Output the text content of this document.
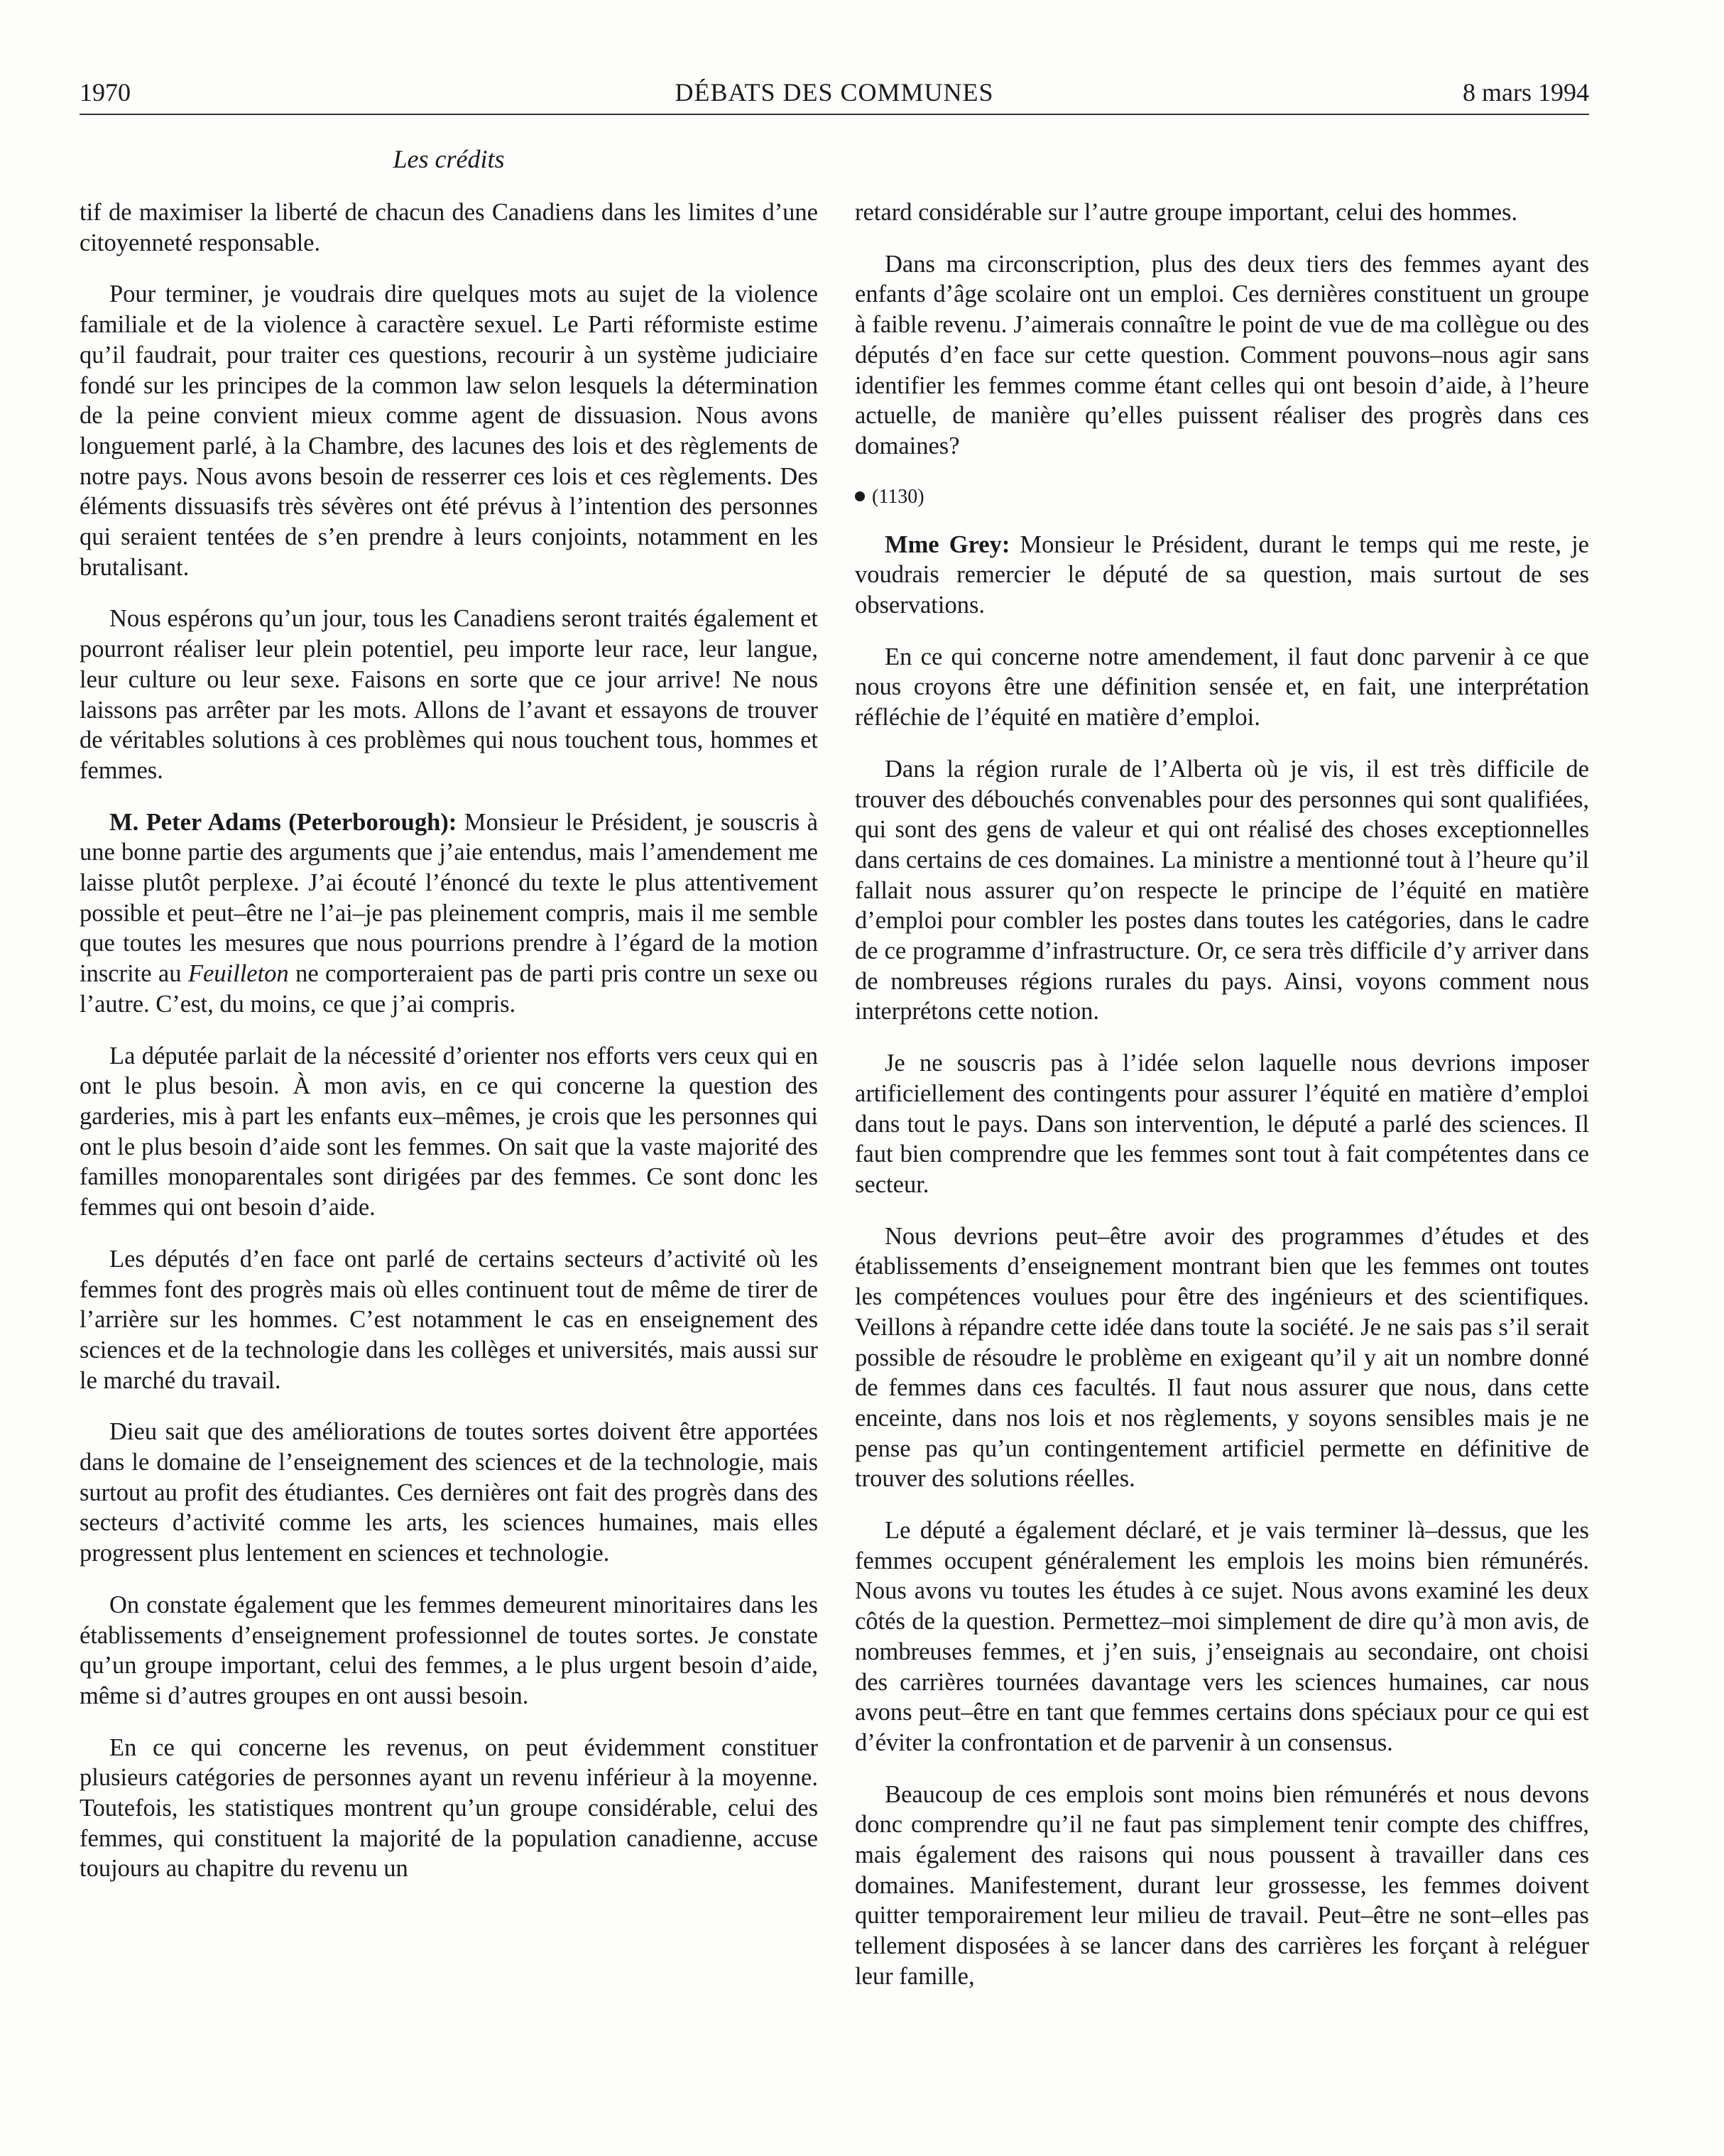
1970	DÉBATS DES COMMUNES	8 mars 1994
Les crédits

tif de maximiser la liberté de chacun des Canadiens dans les limites d’une citoyenneté responsable.

Pour terminer, je voudrais dire quelques mots au sujet de la violence familiale et de la violence à caractère sexuel. Le Parti réformiste estime qu’il faudrait, pour traiter ces questions, recourir à un système judiciaire fondé sur les principes de la common law selon lesquels la détermination de la peine convient mieux comme agent de dissuasion. Nous avons longuement parlé, à la Chambre, des lacunes des lois et des règlements de notre pays. Nous avons besoin de resserrer ces lois et ces règlements. Des éléments dissuasifs très sévères ont été prévus à l’intention des personnes qui seraient tentées de s’en prendre à leurs conjoints, notamment en les brutalisant.

Nous espérons qu’un jour, tous les Canadiens seront traités également et pourront réaliser leur plein potentiel, peu importe leur race, leur langue, leur culture ou leur sexe. Faisons en sorte que ce jour arrive! Ne nous laissons pas arrêter par les mots. Allons de l’avant et essayons de trouver de véritables solutions à ces problèmes qui nous touchent tous, hommes et femmes.

M. Peter Adams (Peterborough): Monsieur le Président, je souscris à une bonne partie des arguments que j’aie entendus, mais l’amendement me laisse plutôt perplexe. J’ai écouté l’énoncé du texte le plus attentivement possible et peut–être ne l’ai–je pas pleinement compris, mais il me semble que toutes les mesures que nous pourrions prendre à l’égard de la motion inscrite au Feuilleton ne comporteraient pas de parti pris contre un sexe ou l’autre. C’est, du moins, ce que j’ai compris.

La députée parlait de la nécessité d’orienter nos efforts vers ceux qui en ont le plus besoin. À mon avis, en ce qui concerne la question des garderies, mis à part les enfants eux–mêmes, je crois que les personnes qui ont le plus besoin d’aide sont les femmes. On sait que la vaste majorité des familles monoparentales sont dirigées par des femmes. Ce sont donc les femmes qui ont besoin d’aide.

Les députés d’en face ont parlé de certains secteurs d’activité où les femmes font des progrès mais où elles continuent tout de même de tirer de l’arrière sur les hommes. C’est notamment le cas en enseignement des sciences et de la technologie dans les collèges et universités, mais aussi sur le marché du travail.

Dieu sait que des améliorations de toutes sortes doivent être apportées dans le domaine de l’enseignement des sciences et de la technologie, mais surtout au profit des étudiantes. Ces dernières ont fait des progrès dans des secteurs d’activité comme les arts, les sciences humaines, mais elles progressent plus lentement en sciences et technologie.

On constate également que les femmes demeurent minoritaires dans les établissements d’enseignement professionnel de toutes sortes. Je constate qu’un groupe important, celui des femmes, a le plus urgent besoin d’aide, même si d’autres groupes en ont aussi besoin.

En ce qui concerne les revenus, on peut évidemment constituer plusieurs catégories de personnes ayant un revenu inférieur à la moyenne. Toutefois, les statistiques montrent qu’un groupe considérable, celui des femmes, qui constituent la majorité de la population canadienne, accuse toujours au chapitre du revenu un

retard considérable sur l’autre groupe important, celui des hommes.

Dans ma circonscription, plus des deux tiers des femmes ayant des enfants d’âge scolaire ont un emploi. Ces dernières constituent un groupe à faible revenu. J’aimerais connaître le point de vue de ma collègue ou des députés d’en face sur cette question. Comment pouvons–nous agir sans identifier les femmes comme étant celles qui ont besoin d’aide, à l’heure actuelle, de manière qu’elles puissent réaliser des progrès dans ces domaines?

(1130)

Mme Grey: Monsieur le Président, durant le temps qui me reste, je voudrais remercier le député de sa question, mais surtout de ses observations.

En ce qui concerne notre amendement, il faut donc parvenir à ce que nous croyons être une définition sensée et, en fait, une interprétation réfléchie de l’équité en matière d’emploi.

Dans la région rurale de l’Alberta où je vis, il est très difficile de trouver des débouchés convenables pour des personnes qui sont qualifiées, qui sont des gens de valeur et qui ont réalisé des choses exceptionnelles dans certains de ces domaines. La ministre a mentionné tout à l’heure qu’il fallait nous assurer qu’on respecte le principe de l’équité en matière d’emploi pour combler les postes dans toutes les catégories, dans le cadre de ce programme d’infrastructure. Or, ce sera très difficile d’y arriver dans de nombreuses régions rurales du pays. Ainsi, voyons comment nous interprétons cette notion.

Je ne souscris pas à l’idée selon laquelle nous devrions imposer artificiellement des contingents pour assurer l’équité en matière d’emploi dans tout le pays. Dans son intervention, le député a parlé des sciences. Il faut bien comprendre que les femmes sont tout à fait compétentes dans ce secteur.

Nous devrions peut–être avoir des programmes d’études et des établissements d’enseignement montrant bien que les femmes ont toutes les compétences voulues pour être des ingénieurs et des scientifiques. Veillons à répandre cette idée dans toute la société. Je ne sais pas s’il serait possible de résoudre le problème en exigeant qu’il y ait un nombre donné de femmes dans ces facultés. Il faut nous assurer que nous, dans cette enceinte, dans nos lois et nos règlements, y soyons sensibles mais je ne pense pas qu’un contingentement artificiel permette en définitive de trouver des solutions réelles.

Le député a également déclaré, et je vais terminer là–dessus, que les femmes occupent généralement les emplois les moins bien rémunérés. Nous avons vu toutes les études à ce sujet. Nous avons examiné les deux côtés de la question. Permettez–moi simplement de dire qu’à mon avis, de nombreuses femmes, et j’en suis, j’enseignais au secondaire, ont choisi des carrières tournées davantage vers les sciences humaines, car nous avons peut–être en tant que femmes certains dons spéciaux pour ce qui est d’éviter la confrontation et de parvenir à un consensus.

Beaucoup de ces emplois sont moins bien rémunérés et nous devons donc comprendre qu’il ne faut pas simplement tenir compte des chiffres, mais également des raisons qui nous poussent à travailler dans ces domaines. Manifestement, durant leur grossesse, les femmes doivent quitter temporairement leur milieu de travail. Peut–être ne sont–elles pas tellement disposées à se lancer dans des carrières les forçant à reléguer leur famille,
